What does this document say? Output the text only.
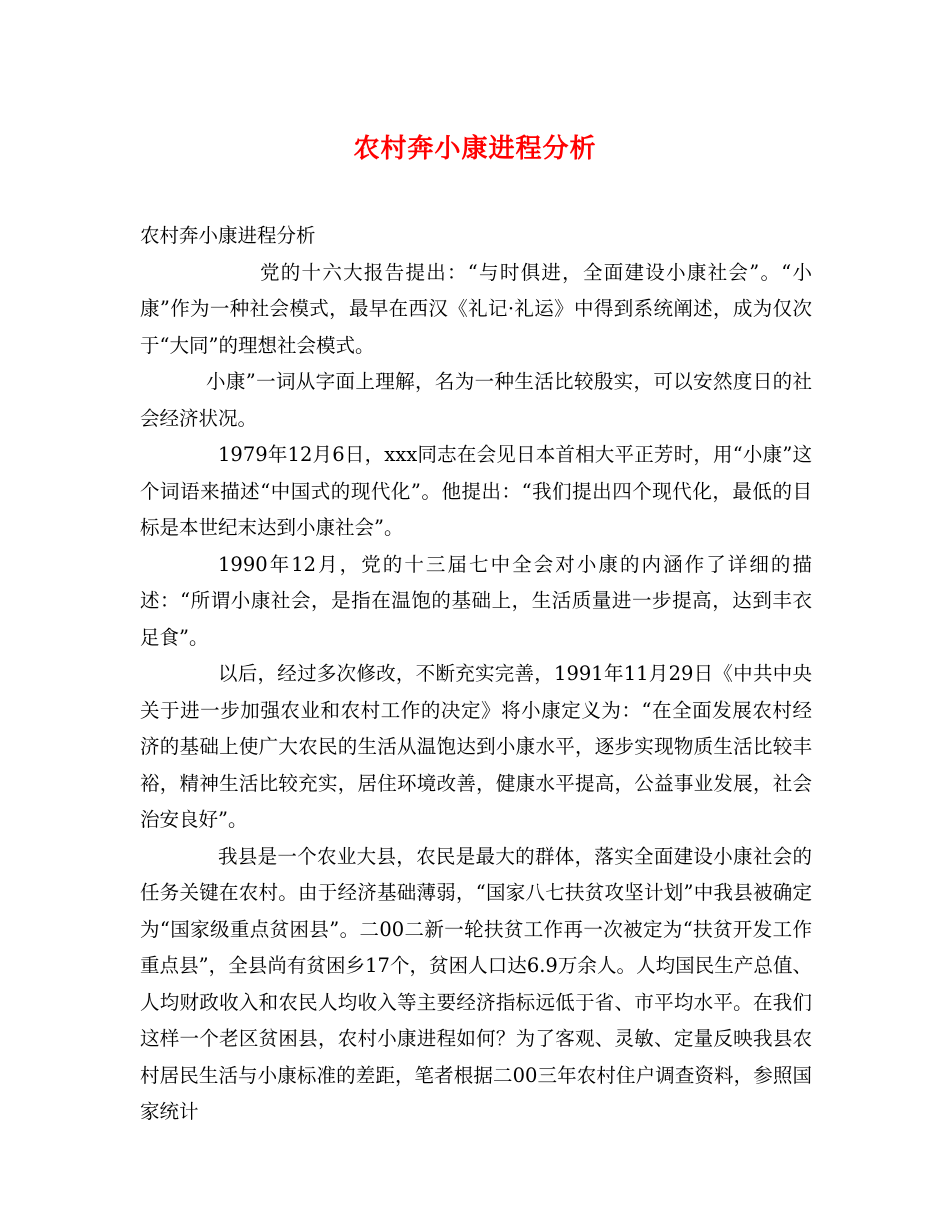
农村奔小康进程分析

农村奔小康进程分析

党的十六大报告提出：“与时俱进，全面建设小康社会”。“小康”作为一种社会模式，最早在西汉《礼记·礼运》中得到系统阐述，成为仅次于“大同”的理想社会模式。

小康”一词从字面上理解，名为一种生活比较殷实，可以安然度日的社会经济状况。

1979年12月6日，xxx同志在会见日本首相大平正芳时，用“小康”这个词语来描述“中国式的现代化”。他提出：“我们提出四个现代化，最低的目标是本世纪末达到小康社会”。

1990年12月，党的十三届七中全会对小康的内涵作了详细的描述：“所谓小康社会，是指在温饱的基础上，生活质量进一步提高，达到丰衣足食”。

以后，经过多次修改，不断充实完善，1991年11月29日《中共中央关于进一步加强农业和农村工作的决定》将小康定义为：“在全面发展农村经济的基础上使广大农民的生活从温饱达到小康水平，逐步实现物质生活比较丰裕，精神生活比较充实，居住环境改善，健康水平提高，公益事业发展，社会治安良好”。

我县是一个农业大县，农民是最大的群体，落实全面建设小康社会的任务关键在农村。由于经济基础薄弱，“国家八七扶贫攻坚计划”中我县被确定为“国家级重点贫困县”。二00二新一轮扶贫工作再一次被定为“扶贫开发工作重点县”，全县尚有贫困乡17个，贫困人口达6.9万余人。人均国民生产总值、人均财政收入和农民人均收入等主要经济指标远低于省、市平均水平。在我们这样一个老区贫困县，农村小康进程如何？为了客观、灵敏、定量反映我县农村居民生活与小康标准的差距，笔者根据二00三年农村住户调查资料，参照国家统计
